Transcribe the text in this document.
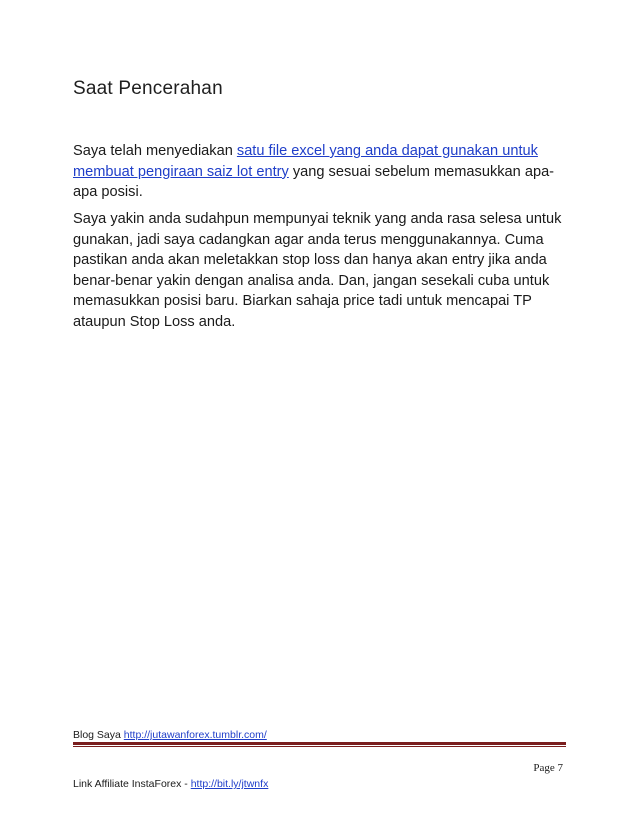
Saat Pencerahan

Saya telah menyediakan satu file excel yang anda dapat gunakan untuk membuat pengiraan saiz lot entry yang sesuai sebelum memasukkan apa-apa posisi.

Saya yakin anda sudahpun mempunyai teknik yang anda rasa selesa untuk gunakan, jadi saya cadangkan agar anda terus menggunakannya. Cuma pastikan anda akan meletakkan stop loss dan hanya akan entry jika anda benar-benar yakin dengan analisa anda. Dan, jangan sesekali cuba untuk memasukkan posisi baru. Biarkan sahaja price tadi untuk mencapai TP ataupun Stop Loss anda.

Blog Saya http://jutawanforex.tumblr.com/

Page 7

Link Affiliate InstaForex - http://bit.ly/jtwnfx
